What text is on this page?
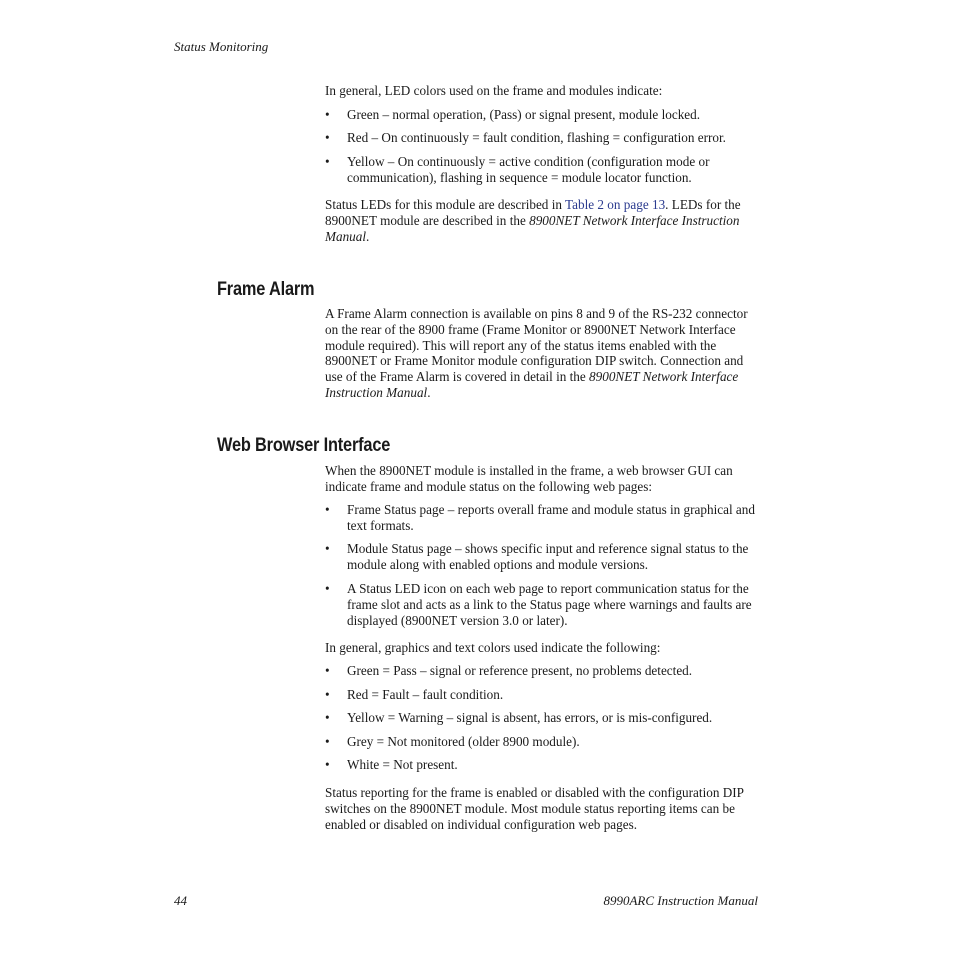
Status Monitoring

In general, LED colors used on the frame and modules indicate:

•	Green – normal operation, (Pass) or signal present, module locked.
•	Red – On continuously = fault condition, flashing = configuration error.
•	Yellow – On continuously = active condition (configuration mode or communication), flashing in sequence = module locator function.

Status LEDs for this module are described in Table 2 on page 13. LEDs for the 8900NET module are described in the 8900NET Network Interface Instruction Manual.

Frame Alarm

A Frame Alarm connection is available on pins 8 and 9 of the RS-232 connector on the rear of the 8900 frame (Frame Monitor or 8900NET Network Interface module required). This will report any of the status items enabled with the 8900NET or Frame Monitor module configuration DIP switch. Connection and use of the Frame Alarm is covered in detail in the 8900NET Network Interface Instruction Manual.

Web Browser Interface

When the 8900NET module is installed in the frame, a web browser GUI can indicate frame and module status on the following web pages:

•	Frame Status page – reports overall frame and module status in graphical and text formats.
•	Module Status page – shows specific input and reference signal status to the module along with enabled options and module versions.
•	A Status LED icon on each web page to report communication status for the frame slot and acts as a link to the Status page where warnings and faults are displayed (8900NET version 3.0 or later).

In general, graphics and text colors used indicate the following:

•	Green = Pass – signal or reference present, no problems detected.
•	Red = Fault – fault condition.
•	Yellow = Warning – signal is absent, has errors, or is mis-configured.
•	Grey = Not monitored (older 8900 module).
•	White = Not present.

Status reporting for the frame is enabled or disabled with the configuration DIP switches on the 8900NET module. Most module status reporting items can be enabled or disabled on individual configuration web pages.

44	8990ARC Instruction Manual
